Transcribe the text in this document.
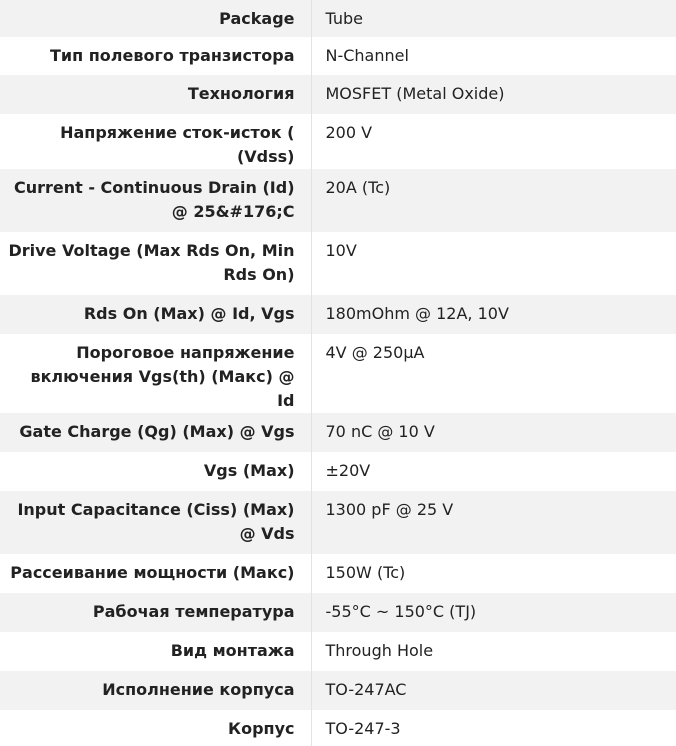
Package	Tube
Тип полевого транзистора	N-Channel
Технология	MOSFET (Metal Oxide)
Напряжение сток-исток ( (Vdss)	200 V
Current - Continuous Drain (Id) @ 25&#176;C	20A (Tc)
Drive Voltage (Max Rds On, Min Rds On)	10V
Rds On (Max) @ Id, Vgs	180mOhm @ 12A, 10V
Пороговое напряжение включения Vgs(th) (Макс) @ Id	4V @ 250µA
Gate Charge (Qg) (Max) @ Vgs	70 nC @ 10 V
Vgs (Max)	±20V
Input Capacitance (Ciss) (Max) @ Vds	1300 pF @ 25 V
Рассеивание мощности (Макс)	150W (Tc)
Рабочая температура	-55°C ~ 150°C (TJ)
Вид монтажа	Through Hole
Исполнение корпуса	TO-247AC
Корпус	TO-247-3
